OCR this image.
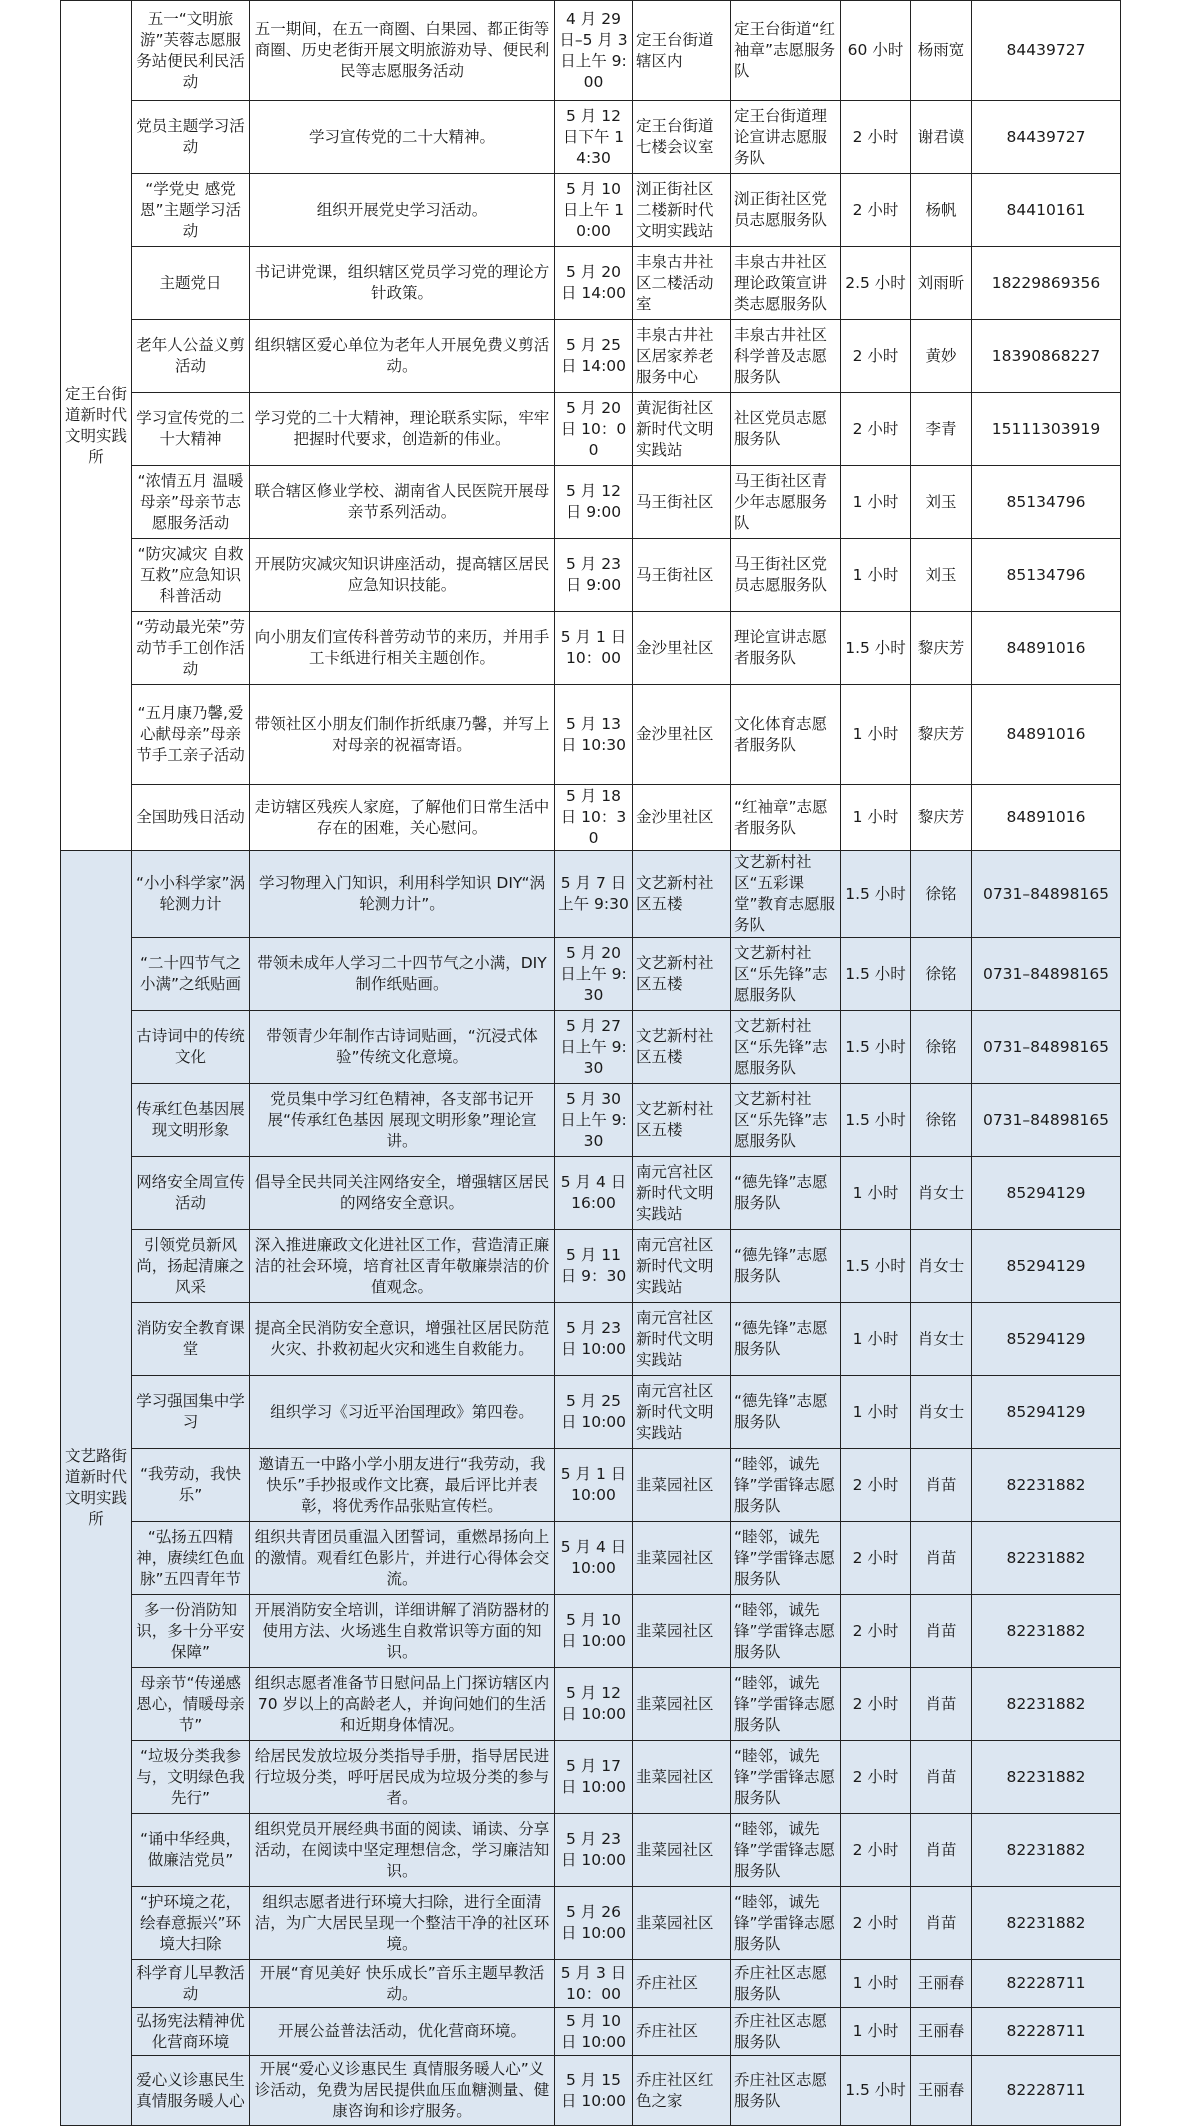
定王台街道新时代文明实践所	五一“文明旅游”芙蓉志愿服务站便民利民活动	五一期间，在五一商圈、白果园、都正街等商圈、历史老街开展文明旅游劝导、便民利民等志愿服务活动	4 月 29 日–5 月 3 日上午 9:00	定王台街道辖区内	定王台街道“红袖章”志愿服务队	60 小时	杨雨宽	84439727
	党员主题学习活动	学习宣传党的二十大精神。	5 月 12 日下午 14:30	定王台街道七楼会议室	定王台街道理论宣讲志愿服务队	2 小时	谢君谟	84439727
	“学党史 感党恩”主题学习活动	组织开展党史学习活动。	5 月 10 日上午 10:00	浏正街社区二楼新时代文明实践站	浏正街社区党员志愿服务队	2 小时	杨帆	84410161
	主题党日	书记讲党课，组织辖区党员学习党的理论方针政策。	5 月 20 日 14:00	丰泉古井社区二楼活动室	丰泉古井社区理论政策宣讲类志愿服务队	2.5 小时	刘雨昕	18229869356
	老年人公益义剪活动	组织辖区爱心单位为老年人开展免费义剪活动。	5 月 25 日 14:00	丰泉古井社区居家养老服务中心	丰泉古井社区科学普及志愿服务队	2 小时	黄妙	18390868227
	学习宣传党的二十大精神	学习党的二十大精神，理论联系实际，牢牢把握时代要求，创造新的伟业。	5 月 20 日 10：00	黄泥街社区新时代文明实践站	社区党员志愿服务队	2 小时	李青	15111303919
	“浓情五月 温暖母亲”母亲节志愿服务活动	联合辖区修业学校、湖南省人民医院开展母亲节系列活动。	5 月 12 日 9:00	马王街社区	马王街社区青少年志愿服务队	1 小时	刘玉	85134796
	“防灾减灾 自救互救”应急知识科普活动	开展防灾减灾知识讲座活动，提高辖区居民应急知识技能。	5 月 23 日 9:00	马王街社区	马王街社区党员志愿服务队	1 小时	刘玉	85134796
	“劳动最光荣”劳动节手工创作活动	向小朋友们宣传科普劳动节的来历，并用手工卡纸进行相关主题创作。	5 月 1 日 10：00	金沙里社区	理论宣讲志愿者服务队	1.5 小时	黎庆芳	84891016
	“五月康乃馨,爱心献母亲”母亲节手工亲子活动	带领社区小朋友们制作折纸康乃馨，并写上对母亲的祝福寄语。	5 月 13 日 10:30	金沙里社区	文化体育志愿者服务队	1 小时	黎庆芳	84891016
	全国助残日活动	走访辖区残疾人家庭，了解他们日常生活中存在的困难，关心慰问。	5 月 18 日 10：30	金沙里社区	“红袖章”志愿者服务队	1 小时	黎庆芳	84891016
文艺路街道新时代文明实践所	“小小科学家”涡轮测力计	学习物理入门知识，利用科学知识 DIY“涡轮测力计”。	5 月 7 日上午 9:30	文艺新村社区五楼	文艺新村社区“五彩课堂”教育志愿服务队	1.5 小时	徐铭	0731–84898165
	“二十四节气之小满”之纸贴画	带领未成年人学习二十四节气之小满，DIY 制作纸贴画。	5 月 20 日上午 9:30	文艺新村社区五楼	文艺新村社区“乐先锋”志愿服务队	1.5 小时	徐铭	0731–84898165
	古诗词中的传统文化	带领青少年制作古诗词贴画，“沉浸式体验”传统文化意境。	5 月 27 日上午 9:30	文艺新村社区五楼	文艺新村社区“乐先锋”志愿服务队	1.5 小时	徐铭	0731–84898165
	传承红色基因展现文明形象	党员集中学习红色精神，各支部书记开展“传承红色基因 展现文明形象”理论宣讲。	5 月 30 日上午 9:30	文艺新村社区五楼	文艺新村社区“乐先锋”志愿服务队	1.5 小时	徐铭	0731–84898165
	网络安全周宣传活动	倡导全民共同关注网络安全，增强辖区居民的网络安全意识。	5 月 4 日 16:00	南元宫社区新时代文明实践站	“德先锋”志愿服务队	1 小时	肖女士	85294129
	引领党员新风尚，扬起清廉之风采	深入推进廉政文化进社区工作，营造清正廉洁的社会环境，培育社区青年敬廉崇洁的价值观念。	5 月 11 日 9：30	南元宫社区新时代文明实践站	“德先锋”志愿服务队	1.5 小时	肖女士	85294129
	消防安全教育课堂	提高全民消防安全意识，增强社区居民防范火灾、扑救初起火灾和逃生自救能力。	5 月 23 日 10:00	南元宫社区新时代文明实践站	“德先锋”志愿服务队	1 小时	肖女士	85294129
	学习强国集中学习	组织学习《习近平治国理政》第四卷。	5 月 25 日 10:00	南元宫社区新时代文明实践站	“德先锋”志愿服务队	1 小时	肖女士	85294129
	“我劳动，我快乐”	邀请五一中路小学小朋友进行“我劳动，我快乐”手抄报或作文比赛，最后评比并表彰，将优秀作品张贴宣传栏。	5 月 1 日 10:00	韭菜园社区	“睦邻，诚先锋”学雷锋志愿服务队	2 小时	肖苗	82231882
	“弘扬五四精神，赓续红色血脉”五四青年节	组织共青团员重温入团誓词，重燃昂扬向上的激情。观看红色影片，并进行心得体会交流。	5 月 4 日 10:00	韭菜园社区	“睦邻，诚先锋”学雷锋志愿服务队	2 小时	肖苗	82231882
	多一份消防知识，多十分平安保障”	开展消防安全培训，详细讲解了消防器材的使用方法、火场逃生自救常识等方面的知识。	5 月 10 日 10:00	韭菜园社区	“睦邻，诚先锋”学雷锋志愿服务队	2 小时	肖苗	82231882
	母亲节“传递感恩心，情暖母亲节”	组织志愿者准备节日慰问品上门探访辖区内 70 岁以上的高龄老人，并询问她们的生活和近期身体情况。	5 月 12 日 10:00	韭菜园社区	“睦邻，诚先锋”学雷锋志愿服务队	2 小时	肖苗	82231882
	“垃圾分类我参与，文明绿色我先行”	给居民发放垃圾分类指导手册，指导居民进行垃圾分类，呼吁居民成为垃圾分类的参与者。	5 月 17 日 10:00	韭菜园社区	“睦邻，诚先锋”学雷锋志愿服务队	2 小时	肖苗	82231882
	“诵中华经典，做廉洁党员”	组织党员开展经典书面的阅读、诵读、分享活动，在阅读中坚定理想信念，学习廉洁知识。	5 月 23 日 10:00	韭菜园社区	“睦邻，诚先锋”学雷锋志愿服务队	2 小时	肖苗	82231882
	“护环境之花，绘春意振兴”环境大扫除	组织志愿者进行环境大扫除，进行全面清洁，为广大居民呈现一个整洁干净的社区环境。	5 月 26 日 10:00	韭菜园社区	“睦邻，诚先锋”学雷锋志愿服务队	2 小时	肖苗	82231882
	科学育儿早教活动	开展“育见美好 快乐成长”音乐主题早教活动。	5 月 3 日 10：00	乔庄社区	乔庄社区志愿服务队	1 小时	王丽春	82228711
	弘扬宪法精神优化营商环境	开展公益普法活动，优化营商环境。	5 月 10 日 10:00	乔庄社区	乔庄社区志愿服务队	1 小时	王丽春	82228711
	爱心义诊惠民生 真情服务暖人心	开展“爱心义诊惠民生 真情服务暖人心”义诊活动，免费为居民提供血压血糖测量、健康咨询和诊疗服务。	5 月 15 日 10:00	乔庄社区红色之家	乔庄社区志愿服务队	1.5 小时	王丽春	82228711
